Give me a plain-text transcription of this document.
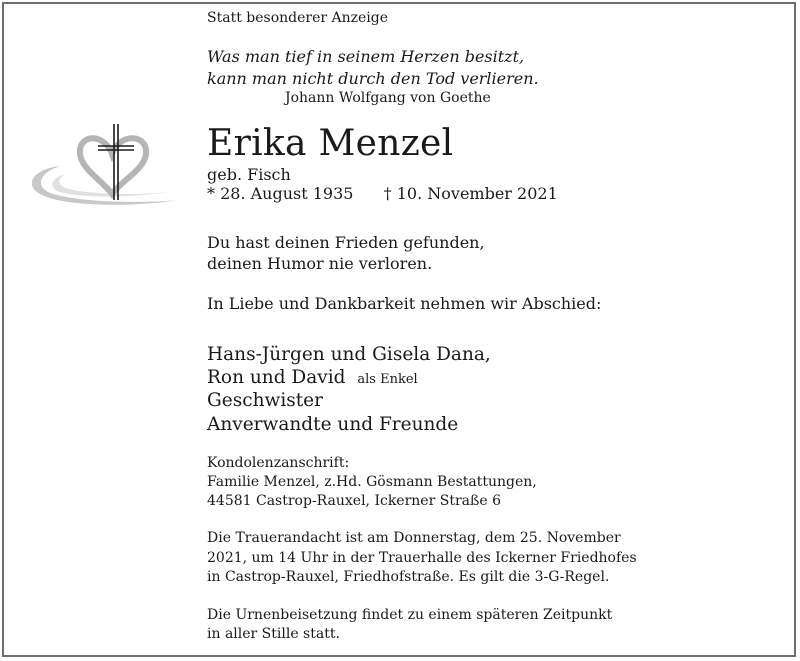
Statt besonderer Anzeige
Was man tief in seinem Herzen besitzt,
kann man nicht durch den Tod verlieren.
Johann Wolfgang von Goethe
Erika Menzel
geb. Fisch
* 28. August 1935 † 10. November 2021
Du hast deinen Frieden gefunden,
deinen Humor nie verloren.
In Liebe und Dankbarkeit nehmen wir Abschied:
Hans-Jürgen und Gisela Dana,
Ron und David als Enkel
Geschwister
Anverwandte und Freunde
Kondolenzanschrift:
Familie Menzel, z.Hd. Gösmann Bestattungen,
44581 Castrop-Rauxel, Ickerner Straße 6
Die Trauerandacht ist am Donnerstag, dem 25. November
2021, um 14 Uhr in der Trauerhalle des Ickerner Friedhofes
in Castrop-Rauxel, Friedhofstraße. Es gilt die 3-G-Regel.
Die Urnenbeisetzung findet zu einem späteren Zeitpunkt
in aller Stille statt.
